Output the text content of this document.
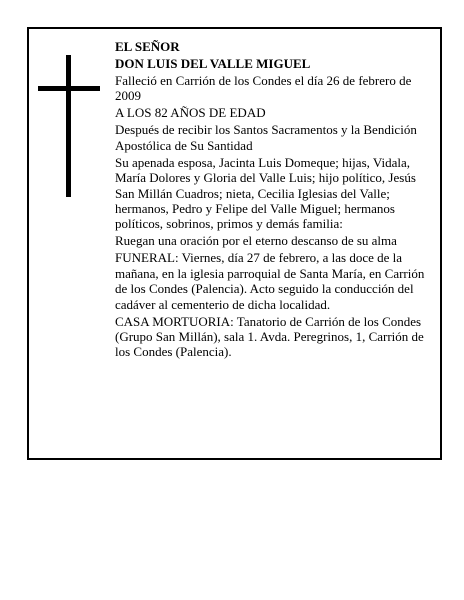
EL SEÑOR

DON LUIS DEL VALLE MIGUEL

Falleció en Carrión de los Condes el día 26 de febrero de 2009

A LOS 82 AÑOS DE EDAD

Después de recibir los Santos Sacramentos y la Bendición Apostólica de Su Santidad

Su apenada esposa, Jacinta Luis Domeque; hijas, Vidala, María Dolores y Gloria del Valle Luis; hijo político, Jesús San Millán Cuadros; nieta, Cecilia Iglesias del Valle; hermanos, Pedro y Felipe del Valle Miguel; hermanos políticos, sobrinos, primos y demás familia:

Ruegan una oración por el eterno descanso de su alma

FUNERAL: Viernes, día 27 de febrero, a las doce de la mañana, en la iglesia parroquial de Santa María, en Carrión de los Condes (Palencia). Acto seguido la conducción del cadáver al cementerio de dicha localidad.

CASA MORTUORIA: Tanatorio de Carrión de los Condes (Grupo San Millán), sala 1. Avda. Peregrinos, 1, Carrión de los Condes (Palencia).
